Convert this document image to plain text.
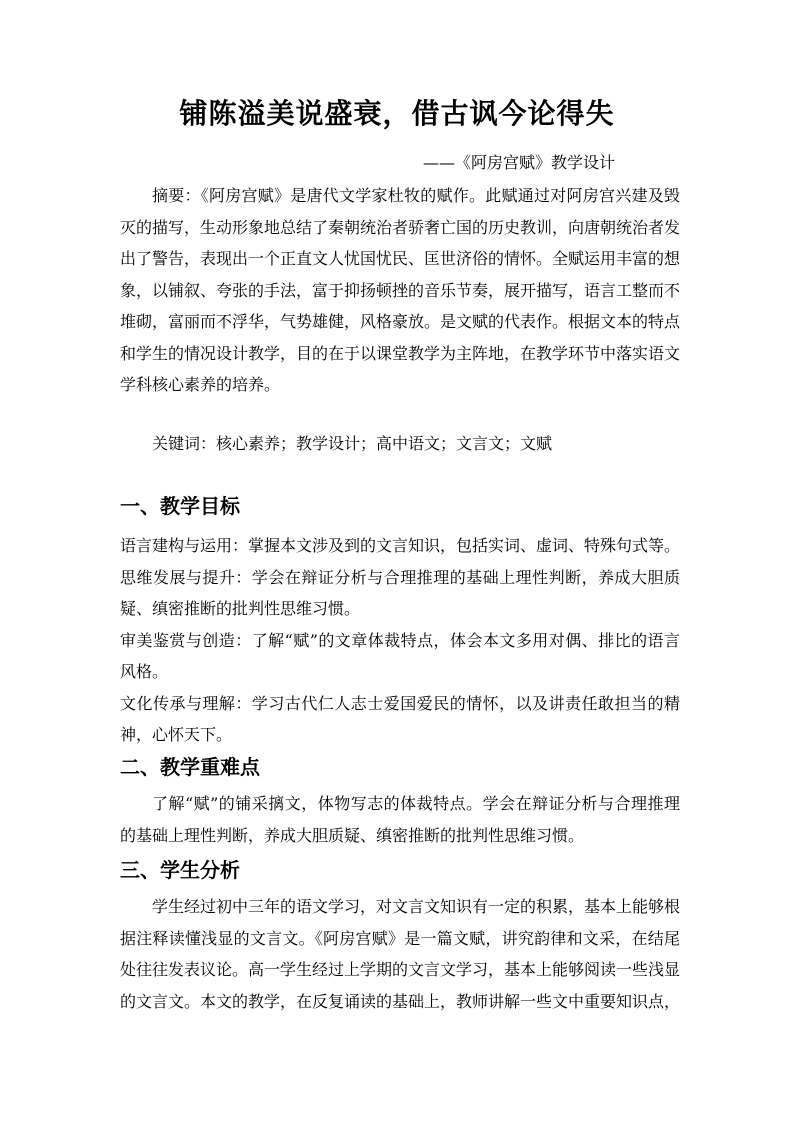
铺陈溢美说盛衰，借古讽今论得失
——《阿房宫赋》教学设计
摘要：《阿房宫赋》是唐代文学家杜牧的赋作。此赋通过对阿房宫兴建及毁灭的描写，生动形象地总结了秦朝统治者骄奢亡国的历史教训，向唐朝统治者发出了警告，表现出一个正直文人忧国忧民、匡世济俗的情怀。全赋运用丰富的想象，以铺叙、夸张的手法，富于抑扬顿挫的音乐节奏，展开描写，语言工整而不堆砌，富丽而不浮华，气势雄健，风格豪放。是文赋的代表作。根据文本的特点和学生的情况设计教学，目的在于以课堂教学为主阵地，在教学环节中落实语文学科核心素养的培养。
关键词：核心素养；教学设计；高中语文；文言文；文赋
一、教学目标
语言建构与运用：掌握本文涉及到的文言知识，包括实词、虚词、特殊句式等。
思维发展与提升：学会在辩证分析与合理推理的基础上理性判断，养成大胆质疑、缜密推断的批判性思维习惯。
审美鉴赏与创造：了解“赋”的文章体裁特点，体会本文多用对偶、排比的语言风格。
文化传承与理解：学习古代仁人志士爱国爱民的情怀，以及讲责任敢担当的精神，心怀天下。
二、教学重难点
了解“赋”的铺采摛文，体物写志的体裁特点。学会在辩证分析与合理推理的基础上理性判断，养成大胆质疑、缜密推断的批判性思维习惯。
三、学生分析
学生经过初中三年的语文学习，对文言文知识有一定的积累，基本上能够根据注释读懂浅显的文言文。《阿房宫赋》是一篇文赋，讲究韵律和文采，在结尾处往往发表议论。高一学生经过上学期的文言文学习，基本上能够阅读一些浅显的文言文。本文的教学，在反复诵读的基础上，教师讲解一些文中重要知识点，
